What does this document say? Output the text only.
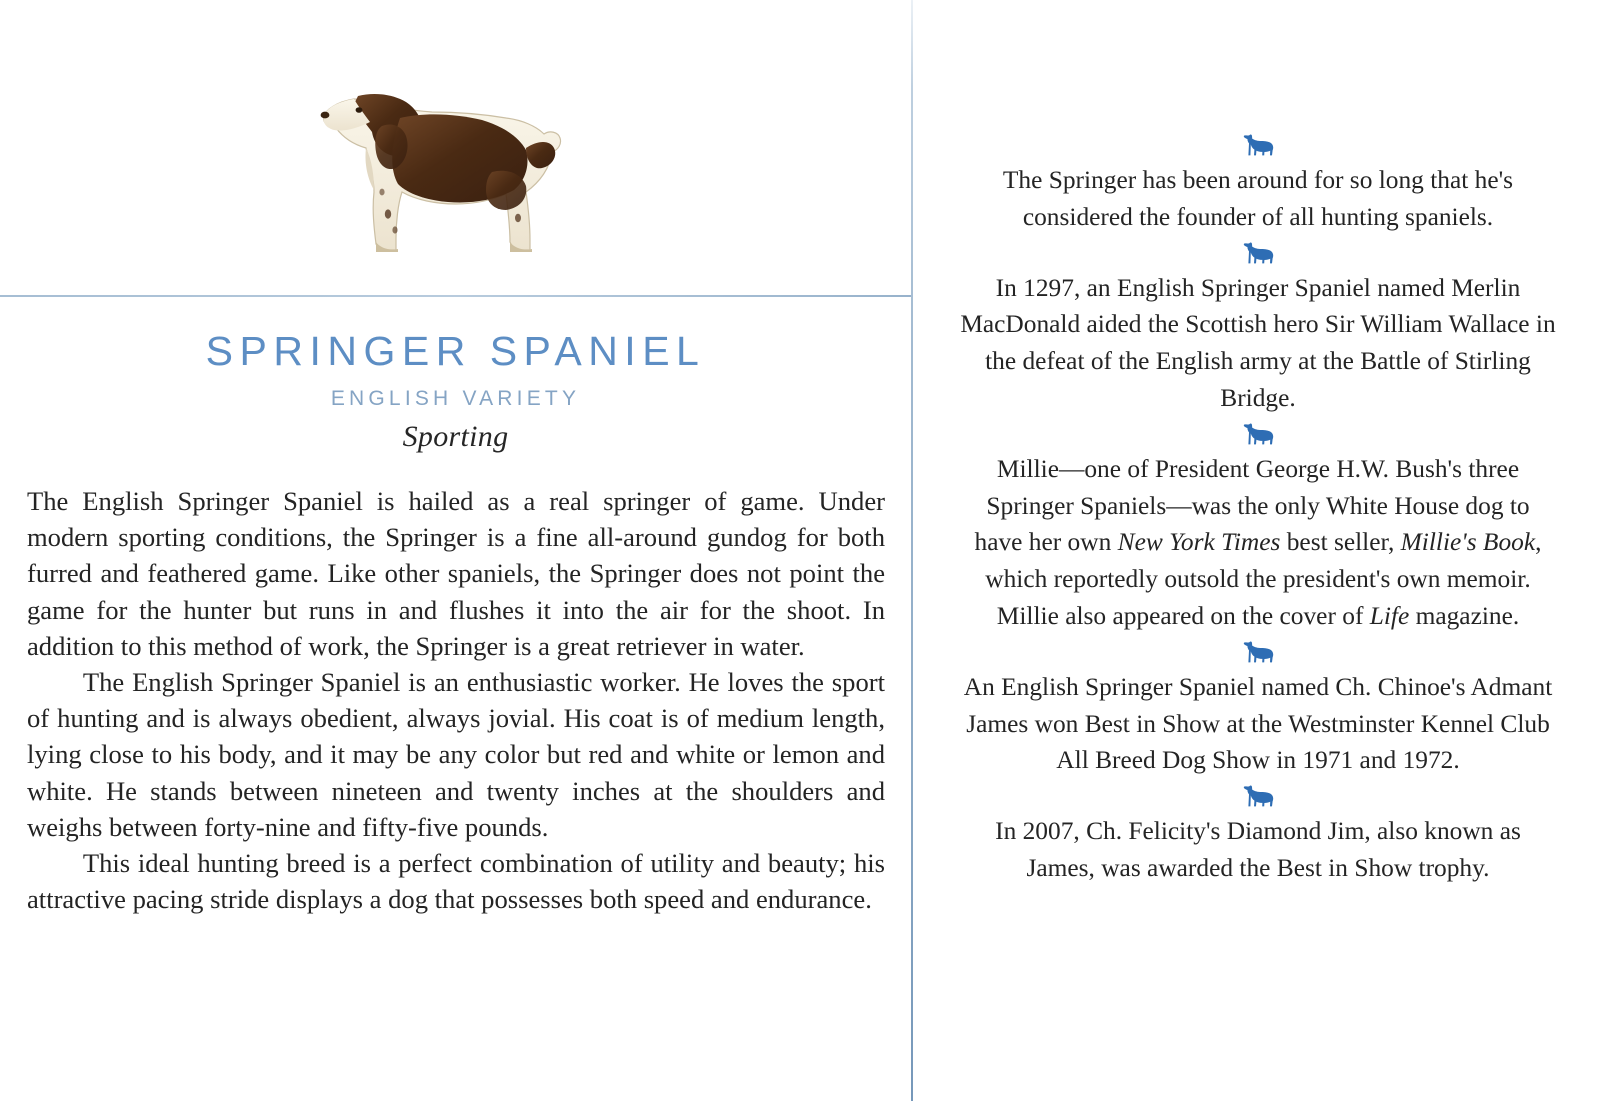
SPRINGER SPANIEL
ENGLISH VARIETY
Sporting

The English Springer Spaniel is hailed as a real springer of game. Under modern sporting conditions, the Springer is a fine all-around gundog for both furred and feathered game. Like other spaniels, the Springer does not point the game for the hunter but runs in and flushes it into the air for the shoot. In addition to this method of work, the Springer is a great retriever in water.

The English Springer Spaniel is an enthusiastic worker. He loves the sport of hunting and is always obedient, always jovial. His coat is of medium length, lying close to his body, and it may be any color but red and white or lemon and white. He stands between nineteen and twenty inches at the shoulders and weighs between forty-nine and fifty-five pounds.

This ideal hunting breed is a perfect combination of utility and beauty; his attractive pacing stride displays a dog that possesses both speed and endurance.

The Springer has been around for so long that he's considered the founder of all hunting spaniels.
In 1297, an English Springer Spaniel named Merlin MacDonald aided the Scottish hero Sir William Wallace in the defeat of the English army at the Battle of Stirling Bridge.
Millie—one of President George H.W. Bush's three Springer Spaniels—was the only White House dog to have her own New York Times best seller, Millie's Book, which reportedly outsold the president's own memoir. Millie also appeared on the cover of Life magazine.
An English Springer Spaniel named Ch. Chinoe's Admant James won Best in Show at the Westminster Kennel Club All Breed Dog Show in 1971 and 1972.
In 2007, Ch. Felicity's Diamond Jim, also known as James, was awarded the Best in Show trophy.
